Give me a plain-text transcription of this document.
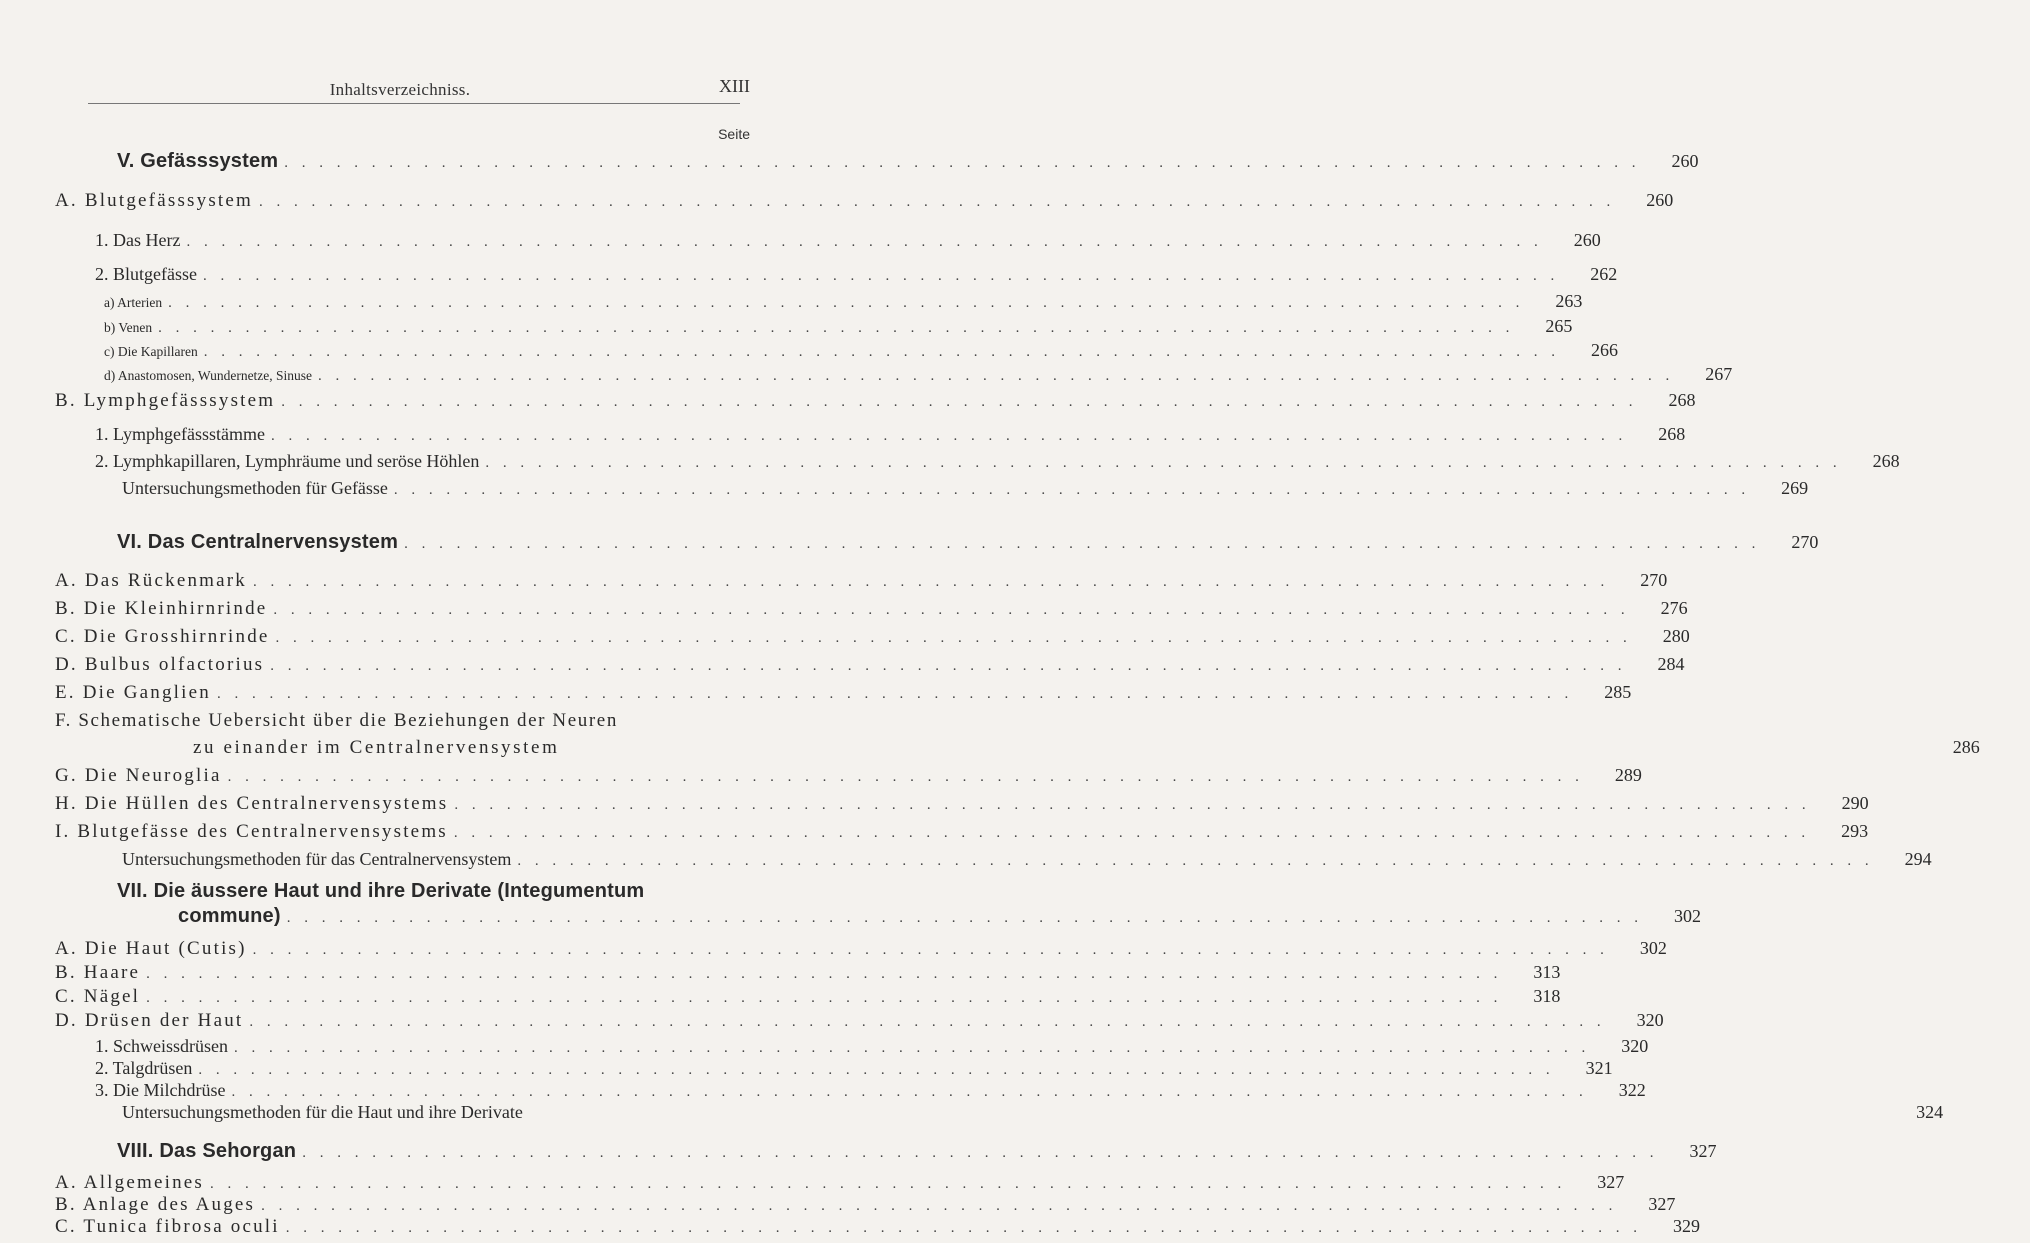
Inhaltsverzeichniss.	XIII
Seite
V. Gefässsystem . . .	260
A. Blutgefässsystem . . .	260
1. Das Herz . . .	260
2. Blutgefässe . . .	262
a) Arterien . . .	263
b) Venen . . .	265
c) Die Kapillaren . . .	266
d) Anastomosen, Wundernetze, Sinuse . . .	267
B. Lymphgefässsystem . . .	268
1. Lymphgefässstämme . . .	268
2. Lymphkapillaren, Lymphräume und seröse Höhlen . . .	268
Untersuchungsmethoden für Gefässe . . .	269
VI. Das Centralnervensystem . . .	270
A. Das Rückenmark . . .	270
B. Die Kleinhirnrinde . . .	276
C. Die Grosshirnrinde . . .	280
D. Bulbus olfactorius . . .	284
E. Die Ganglien . . .	285
F. Schematische Uebersicht über die Beziehungen der Neuren
zu einander im Centralnervensystem	286
G. Die Neuroglia . . .	289
H. Die Hüllen des Centralnervensystems . . .	290
I. Blutgefässe des Centralnervensystems . . .	293
Untersuchungsmethoden für das Centralnervensystem . . .	294
VII. Die äussere Haut und ihre Derivate (Integumentum
commune) . . .	302
A. Die Haut (Cutis) . . .	302
B. Haare . . .	313
C. Nägel . . .	318
D. Drüsen der Haut . . .	320
1. Schweissdrüsen . . .	320
2. Talgdrüsen . . .	321
3. Die Milchdrüse . . .	322
Untersuchungsmethoden für die Haut und ihre Derivate	324
VIII. Das Sehorgan . . .	327
A. Allgemeines . . .	327
B. Anlage des Auges . . .	327
C. Tunica fibrosa oculi . . .	329
